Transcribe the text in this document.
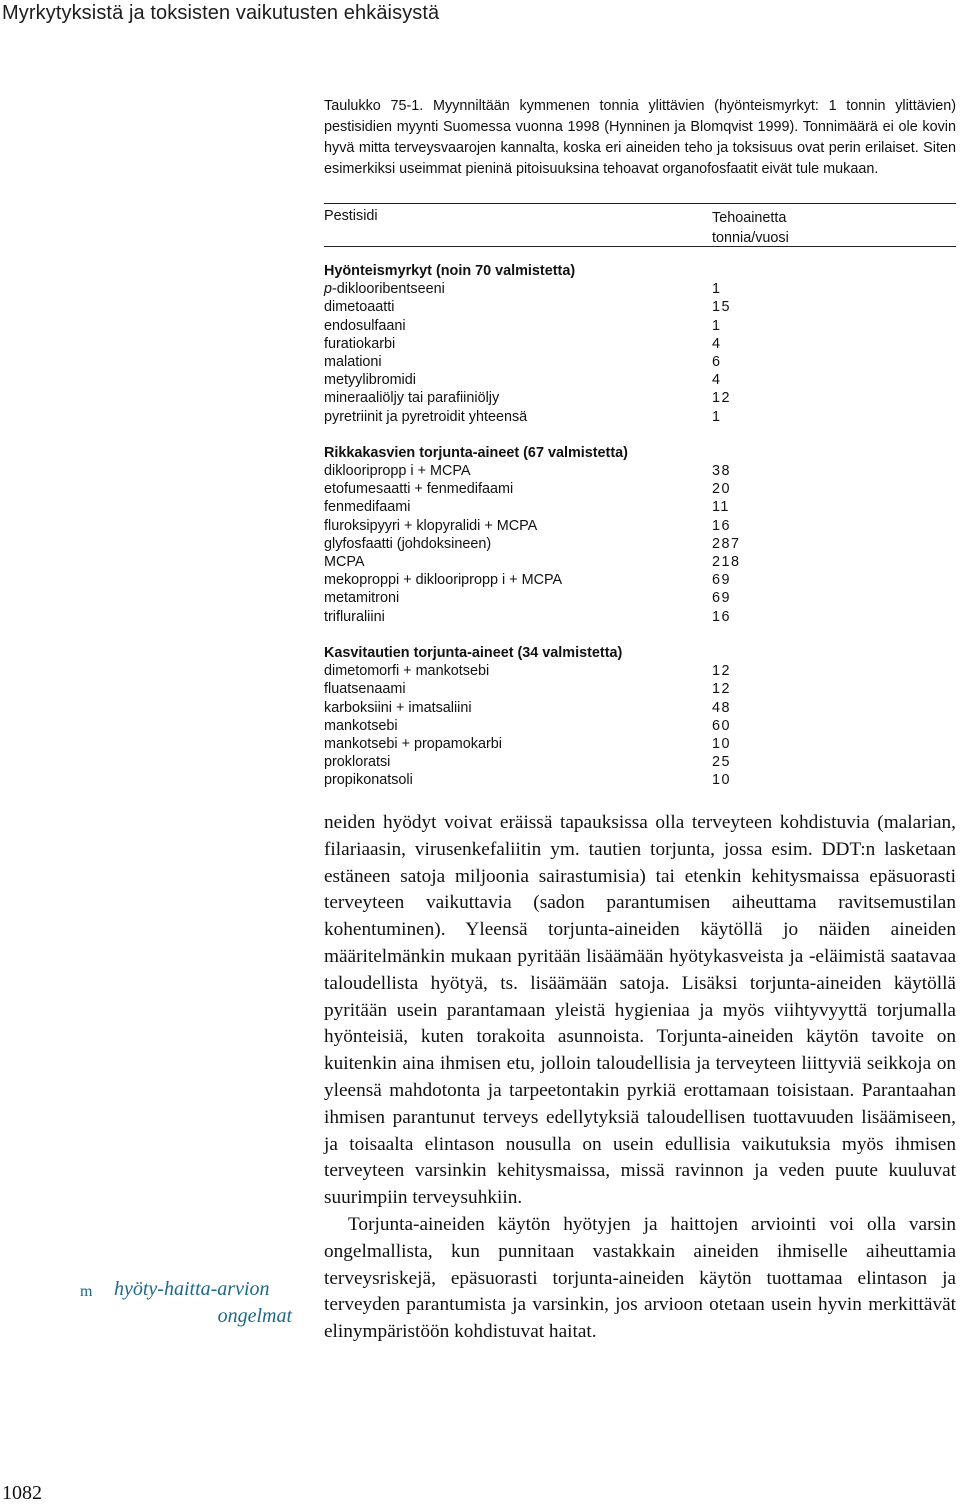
Myrkytyksistä ja toksisten vaikutusten ehkäisystä
Taulukko 75-1. Myynniltään kymmenen tonnia ylittävien (hyönteismyrkyt: 1 tonnin ylittävien) pestisidien myynti Suomessa vuonna 1998 (Hynninen ja Blomqvist 1999). Tonnimäärä ei ole kovin hyvä mitta terveysvaarojen kannalta, koska eri aineiden teho ja toksisuus ovat perin erilaiset. Siten esimerkiksi useimmat pieninä pitoisuuksina tehoavat organofosfaatit eivät tule mukaan.
Pestisidi	Tehoainetta
tonnia/vuosi
Hyönteismyrkyt (noin 70 valmistetta)
p-diklooribentseeni	1
dimetoaatti	15
endosulfaani	1
furatiokarbi	4
malationi	6
metyylibromidi	4
mineraaliöljy tai parafiiniöljy	12
pyretriinit ja pyretroidit yhteensä	1
Rikkakasvien torjunta-aineet (67 valmistetta)
diklooripropp i + MCPA	38
etofumesaatti + fenmedifaami	20
fenmedifaami	11
fluroksipyyri + klopyralidi + MCPA	16
glyfosfaatti (johdoksineen)	287
MCPA	218
mekoproppi + diklooripropp i + MCPA	69
metamitroni	69
trifluraliini	16
Kasvitautien torjunta-aineet (34 valmistetta)
dimetomorfi + mankotsebi	12
fluatsenaami	12
karboksiini + imatsaliini	48
mankotsebi	60
mankotsebi + propamokarbi	10
prokloratsi	25
propikonatsoli	10

neiden hyödyt voivat eräissä tapauksissa olla terveyteen kohdistuvia (malarian, filariaasin, virusenkefaliitin ym. tautien torjunta, jossa esim. DDT:n lasketaan estäneen satoja miljoonia sairastumisia) tai etenkin kehitysmaissa epäsuorasti terveyteen vaikuttavia (sadon parantumisen aiheuttama ravitsemustilan kohentuminen). Yleensä torjunta-aineiden käytöllä jo näiden aineiden määritelmänkin mukaan pyritään lisäämään hyötykasveista ja -eläimistä saatavaa taloudellista hyötyä, ts. lisäämään satoja. Lisäksi torjunta-aineiden käytöllä pyritään usein parantamaan yleistä hygieniaa ja myös viihtyvyyttä torjumalla hyönteisiä, kuten torakoita asunnoista. Torjunta-aineiden käytön tavoite on kuitenkin aina ihmisen etu, jolloin taloudellisia ja terveyteen liittyviä seikkoja on yleensä mahdotonta ja tarpeetontakin pyrkiä erottamaan toisistaan. Parantaahan ihmisen parantunut terveys edellytyksiä taloudellisen tuottavuuden lisäämiseen, ja toisaalta elintason nousulla on usein edullisia vaikutuksia myös ihmisen terveyteen varsinkin kehitysmaissa, missä ravinnon ja veden puute kuuluvat suurimpiin terveysuhkiin.

Torjunta-aineiden käytön hyötyjen ja haittojen arviointi voi olla varsin ongelmallista, kun punnitaan vastakkain aineiden ihmiselle aiheuttamia terveysriskejä, epäsuorasti torjunta-aineiden käytön tuottamaa elintason ja terveyden parantumista ja varsinkin, jos arvioon otetaan usein hyvin merkittävät elinympäristöön kohdistuvat haitat.

m hyöty-haitta-arvion
ongelmat
1082
